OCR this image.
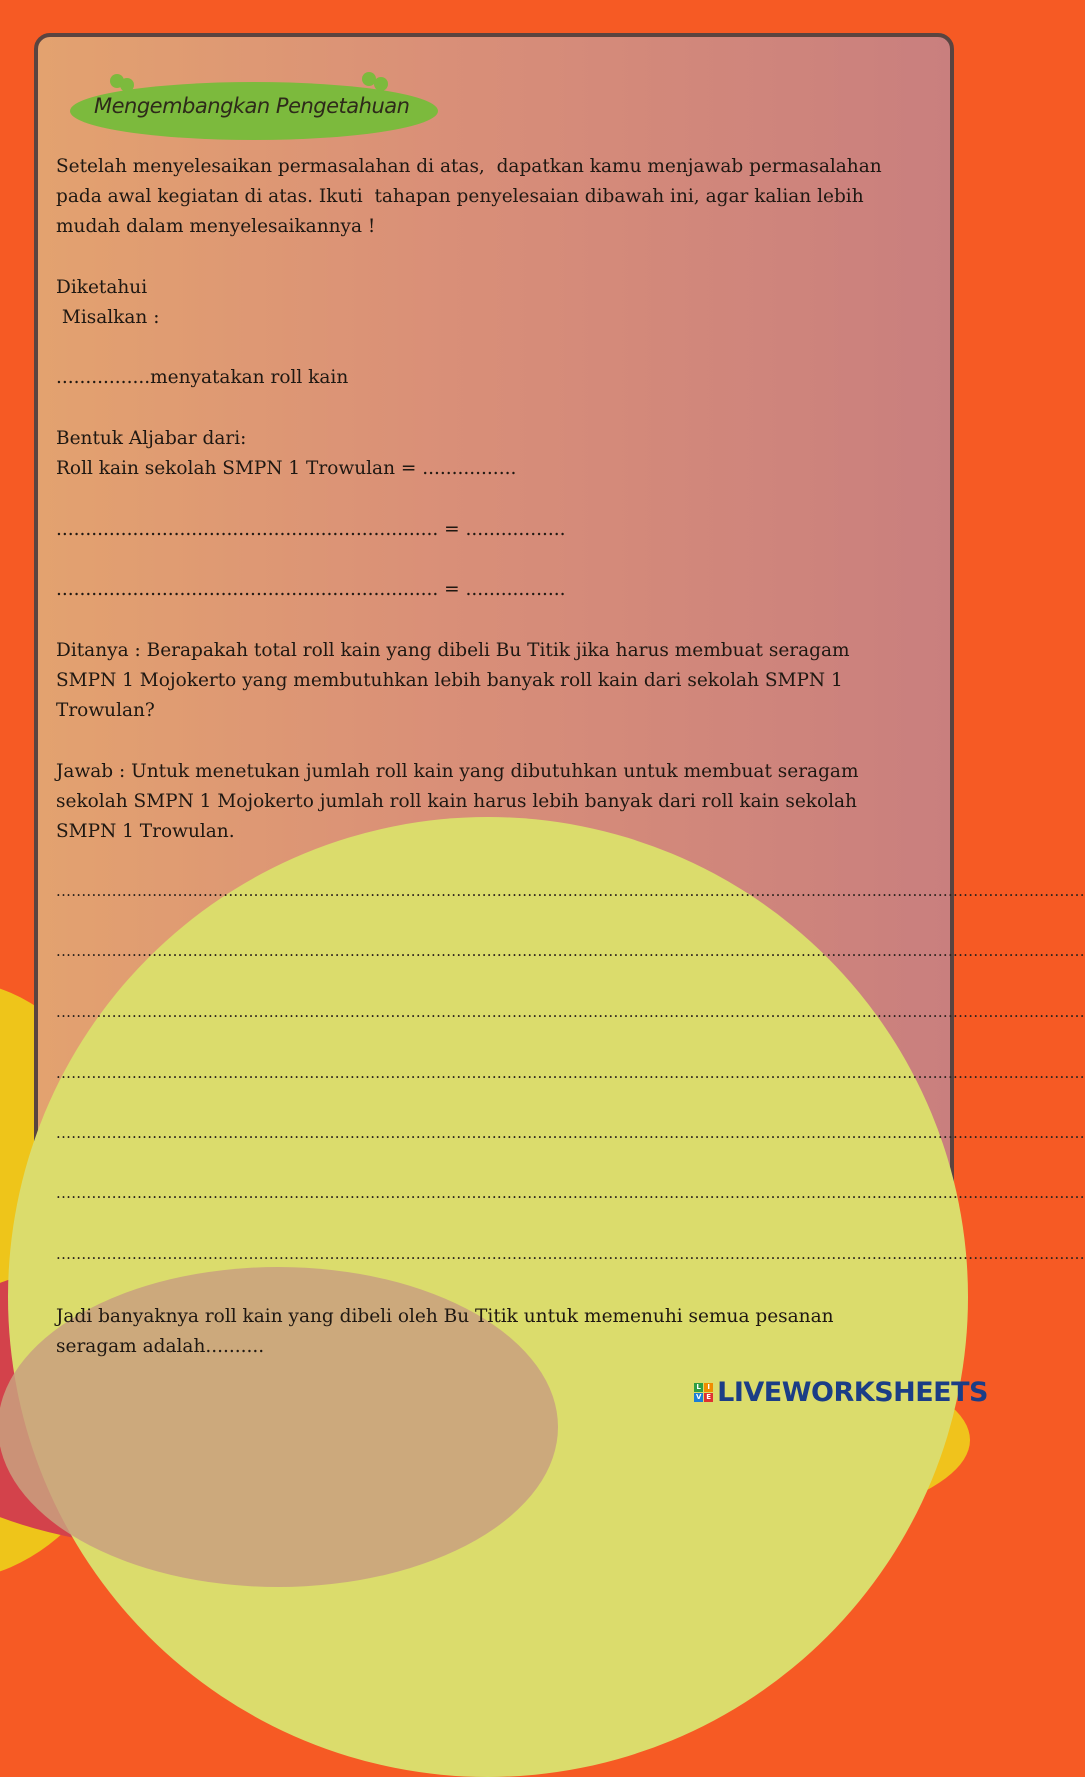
Mengembangkan Pengetahuan
Setelah menyelesaikan permasalahan di atas,  dapatkan kamu menjawab permasalahan
pada awal kegiatan di atas. Ikuti  tahapan penyelesaian dibawah ini, agar kalian lebih
mudah dalam menyelesaikannya !
Diketahui
Misalkan :
................menyatakan roll kain
Bentuk Aljabar dari:
Roll kain sekolah SMPN 1 Trowulan = ................
................................................................. = .................
................................................................. = .................
Ditanya : Berapakah total roll kain yang dibeli Bu Titik jika harus membuat seragam
SMPN 1 Mojokerto yang membutuhkan lebih banyak roll kain dari sekolah SMPN 1
Trowulan?
Jawab : Untuk menetukan jumlah roll kain yang dibutuhkan untuk membuat seragam
sekolah SMPN 1 Mojokerto jumlah roll kain harus lebih banyak dari roll kain sekolah
SMPN 1 Trowulan.
...........................................................................................................................................................................................................
...........................................................................................................................................................................................................
...........................................................................................................................................................................................................
...........................................................................................................................................................................................................
...........................................................................................................................................................................................................
...........................................................................................................................................................................................................
...........................................................................................................................................................................................................
Jadi banyaknya roll kain yang dibeli oleh Bu Titik untuk memenuhi semua pesanan
seragam adalah..........
L I
V E LIVEWORKSHEETS
